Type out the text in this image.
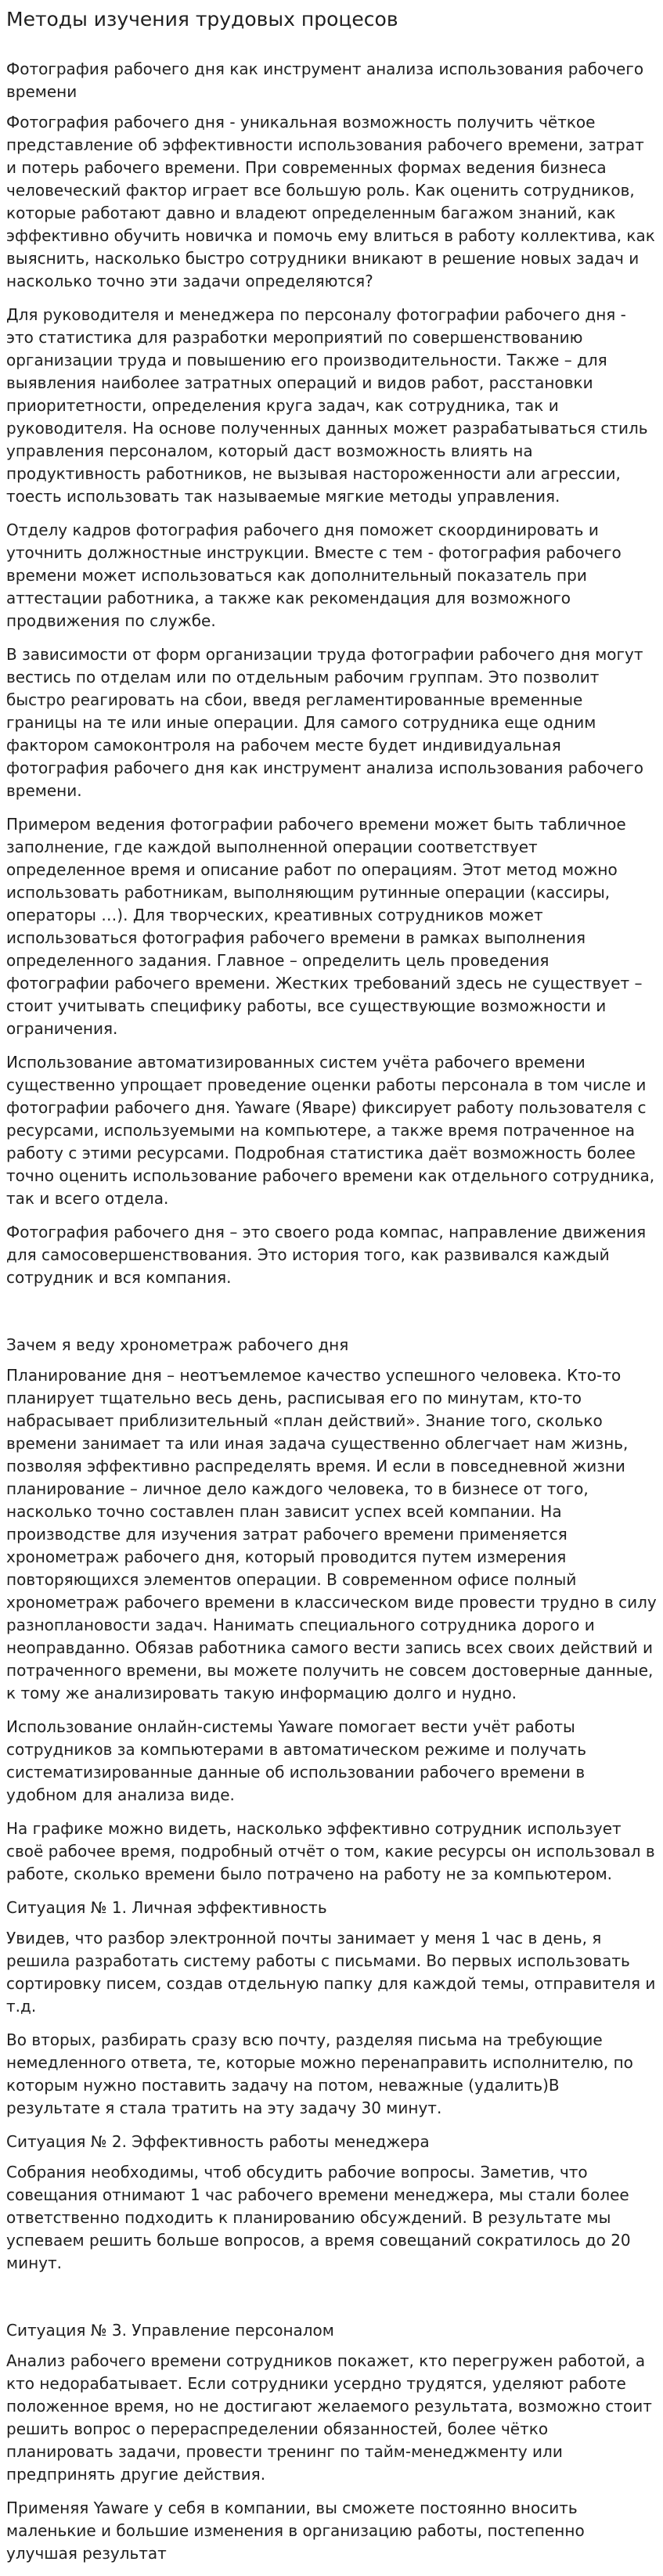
Методы изучения трудовых процесов
Фотография рабочего дня как инструмент анализа использования рабочего времени

Фотография рабочего дня - уникальная возможность получить чёткое представление об эффективности использования рабочего времени, затрат и потерь рабочего времени. При современных формах ведения бизнеса человеческий фактор играет все большую роль. Как оценить сотрудников, которые работают давно и владеют определенным багажом знаний, как эффективно обучить новичка и помочь ему влиться в работу коллектива, как выяснить, насколько быстро сотрудники вникают в решение новых задач и насколько точно эти задачи определяются?

Для руководителя и менеджера по персоналу фотографии рабочего дня - это статистика для разработки мероприятий по совершенствованию организации труда и повышению его производительности. Также – для выявления наиболее затратных операций и видов работ, расстановки приоритетности, определения круга задач, как сотрудника, так и руководителя. На основе полученных данных может разрабатываться стиль управления персоналом, который даст возможность влиять на продуктивность работников, не вызывая настороженности али агрессии, тоесть использовать так называемые мягкие методы управления.

Отделу кадров фотография рабочего дня поможет скоординировать и уточнить должностные инструкции. Вместе с тем - фотография рабочего времени может использоваться как дополнительный показатель при аттестации работника, а также как рекомендация для возможного продвижения по службе.

В зависимости от форм организации труда фотографии рабочего дня могут вестись по отделам или по отдельным рабочим группам. Это позволит быстро реагировать на сбои, введя регламентированные временные границы на те или иные операции. Для самого сотрудника еще одним фактором самоконтроля на рабочем месте будет индивидуальная фотография рабочего дня как инструмент анализа использования рабочего времени.

Примером ведения фотографии рабочего времени может быть табличное заполнение, где каждой выполненной операции соответствует определенное время и описание работ по операциям. Этот метод можно использовать работникам, выполняющим рутинные операции (кассиры, операторы …). Для творческих, креативных сотрудников может использоваться фотография рабочего времени в рамках выполнения определенного задания. Главное – определить цель проведения фотографии рабочего времени. Жестких требований здесь не существует – стоит учитывать специфику работы, все существующие возможности и ограничения.

Использование автоматизированных систем учёта рабочего времени существенно упрощает проведение оценки работы персонала в том числе и фотографии рабочего дня. Yaware (Яваре) фиксирует работу пользователя с ресурсами, используемыми на компьютере, а также время потраченное на работу с этими ресурсами. Подробная статистика даёт возможность более точно оценить использование рабочего времени как отдельного сотрудника, так и всего отдела.

Фотография рабочего дня – это своего рода компас, направление движения для самосовершенствования. Это история того, как развивался каждый сотрудник и вся компания.

Зачем я веду хронометраж рабочего дня

Планирование дня – неотъемлемое качество успешного человека. Кто-то планирует тщательно весь день, расписывая его по минутам, кто-то набрасывает приблизительный «план действий». Знание того, сколько времени занимает та или иная задача существенно облегчает нам жизнь, позволяя эффективно распределять время. И если в повседневной жизни планирование – личное дело каждого человека, то в бизнесе от того, насколько точно составлен план зависит успех всей компании. На производстве для изучения затрат рабочего времени применяется хронометраж рабочего дня, который проводится путем измерения повторяющихся элементов операции. В современном офисе полный хронометраж рабочего времени в классическом виде провести трудно в силу разноплановости задач. Нанимать специального сотрудника дорого и неоправданно. Обязав работника самого вести запись всех своих действий и потраченного времени, вы можете получить не совсем достоверные данные, к тому же анализировать такую информацию долго и нудно.

Использование онлайн-системы Yaware помогает вести учёт работы сотрудников за компьютерами в автоматическом режиме и получать систематизированные данные об использовании рабочего времени в удобном для анализа виде.

На графике можно видеть, насколько эффективно сотрудник использует своё рабочее время, подробный отчёт о том, какие ресурсы он использовал в работе, сколько времени было потрачено на работу не за компьютером.

Ситуация № 1. Личная эффективность

Увидев, что разбор электронной почты занимает у меня 1 час в день, я решила разработать систему работы с письмами. Во первых использовать сортировку писем, создав отдельную папку для каждой темы, отправителя и т.д.

Во вторых, разбирать сразу всю почту, разделяя письма на требующие немедленного ответа, те, которые можно перенаправить исполнителю, по которым нужно поставить задачу на потом, неважные (удалить)В результате я стала тратить на эту задачу 30 минут.

Ситуация № 2. Эффективность работы менеджера

Собрания необходимы, чтоб обсудить рабочие вопросы. Заметив, что совещания отнимают 1 час рабочего времени менеджера, мы стали более ответственно подходить к планированию обсуждений. В результате мы успеваем решить больше вопросов, а время совещаний сократилось до 20 минут.

Ситуация № 3. Управление персоналом

Анализ рабочего времени сотрудников покажет, кто перегружен работой, а кто недорабатывает. Если сотрудники усердно трудятся, уделяют работе положенное время, но не достигают желаемого результата, возможно стоит решить вопрос о перераспределении обязанностей, более чётко планировать задачи, провести тренинг по тайм-менеджменту или предпринять другие действия.

Применяя Yaware у себя в компании, вы сможете постоянно вносить маленькие и большие изменения в организацию работы, постепенно улучшая результат
